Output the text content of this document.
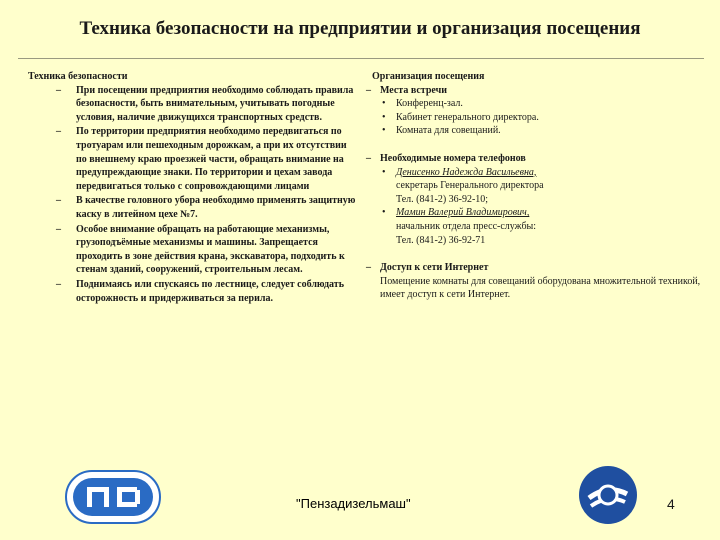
Техника безопасности на предприятии и организация посещения
Техника безопасности
– При посещении предприятия необходимо соблюдать правила безопасности, быть внимательным, учитывать погодные условия, наличие движущихся транспортных средств.
– По территории предприятия необходимо передвигаться по тротуарам или пешеходным дорожкам, а при их отсутствии по внешнему краю проезжей части, обращать внимание на предупреждающие знаки. По территории и цехам завода передвигаться только с сопровождающими лицами
– В качестве головного убора необходимо применять защитную каску в литейном цехе №7.
– Особое внимание обращать на работающие механизмы, грузоподъёмные механизмы и машины. Запрещается проходить в зоне действия крана, экскаватора, подходить к стенам зданий, сооружений, строительным лесам.
– Поднимаясь или спускаясь по лестнице, следует соблюдать осторожность и придерживаться за перила.
Организация посещения
– Места встречи
• Конференц-зал.
• Кабинет генерального директора.
• Комната для совещаний.
– Необходимые номера телефонов
• Денисенко Надежда Васильевна,
секретарь Генерального директора
Тел. (841-2) 36-92-10;
• Мамин Валерий Владимирович,
начальник отдела пресс-службы:
Тел. (841-2) 36-92-71
– Доступ к сети Интернет
Помещение комнаты для совещаний оборудована множительной техникой, имеет доступ к сети Интернет.
"Пензадизельмаш"	4
